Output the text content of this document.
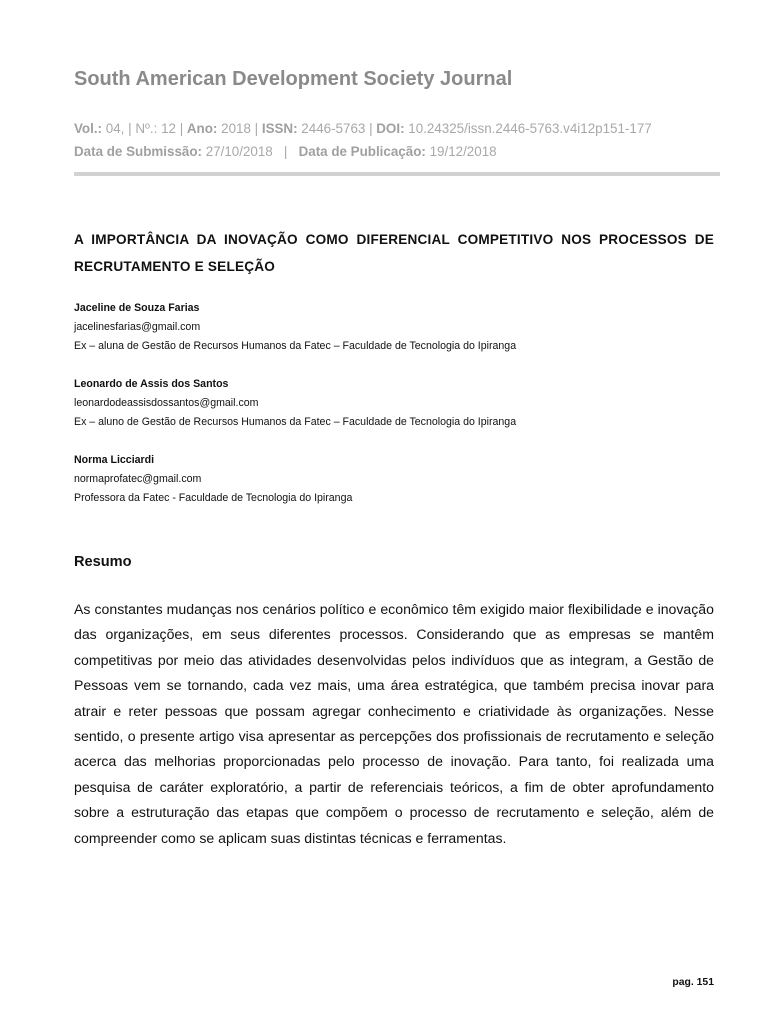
South American Development Society Journal
Vol.: 04, | Nº.: 12 | Ano: 2018 | ISSN: 2446-5763 | DOI: 10.24325/issn.2446-5763.v4i12p151-177
Data de Submissão: 27/10/2018   |   Data de Publicação: 19/12/2018
A IMPORTÂNCIA DA INOVAÇÃO COMO DIFERENCIAL COMPETITIVO NOS PROCESSOS DE RECRUTAMENTO E SELEÇÃO

Jaceline de Souza Farias

jacelinesfarias@gmail.com

Ex – aluna de Gestão de Recursos Humanos da Fatec – Faculdade de Tecnologia do Ipiranga

Leonardo de Assis dos Santos

leonardodeassisdossantos@gmail.com

Ex – aluno de Gestão de Recursos Humanos da Fatec – Faculdade de Tecnologia do Ipiranga

Norma Licciardi

normaprofatec@gmail.com

Professora da Fatec - Faculdade de Tecnologia do Ipiranga

Resumo

As constantes mudanças nos cenários político e econômico têm exigido maior flexibilidade e inovação das organizações, em seus diferentes processos. Considerando que as empresas se mantêm competitivas por meio das atividades desenvolvidas pelos indivíduos que as integram, a Gestão de Pessoas vem se tornando, cada vez mais, uma área estratégica, que também precisa inovar para atrair e reter pessoas que possam agregar conhecimento e criatividade às organizações. Nesse sentido, o presente artigo visa apresentar as percepções dos profissionais de recrutamento e seleção acerca das melhorias proporcionadas pelo processo de inovação. Para tanto, foi realizada uma pesquisa de caráter exploratório, a partir de referenciais teóricos, a fim de obter aprofundamento sobre a estruturação das etapas que compõem o processo de recrutamento e seleção, além de compreender como se aplicam suas distintas técnicas e ferramentas.

pag. 151
